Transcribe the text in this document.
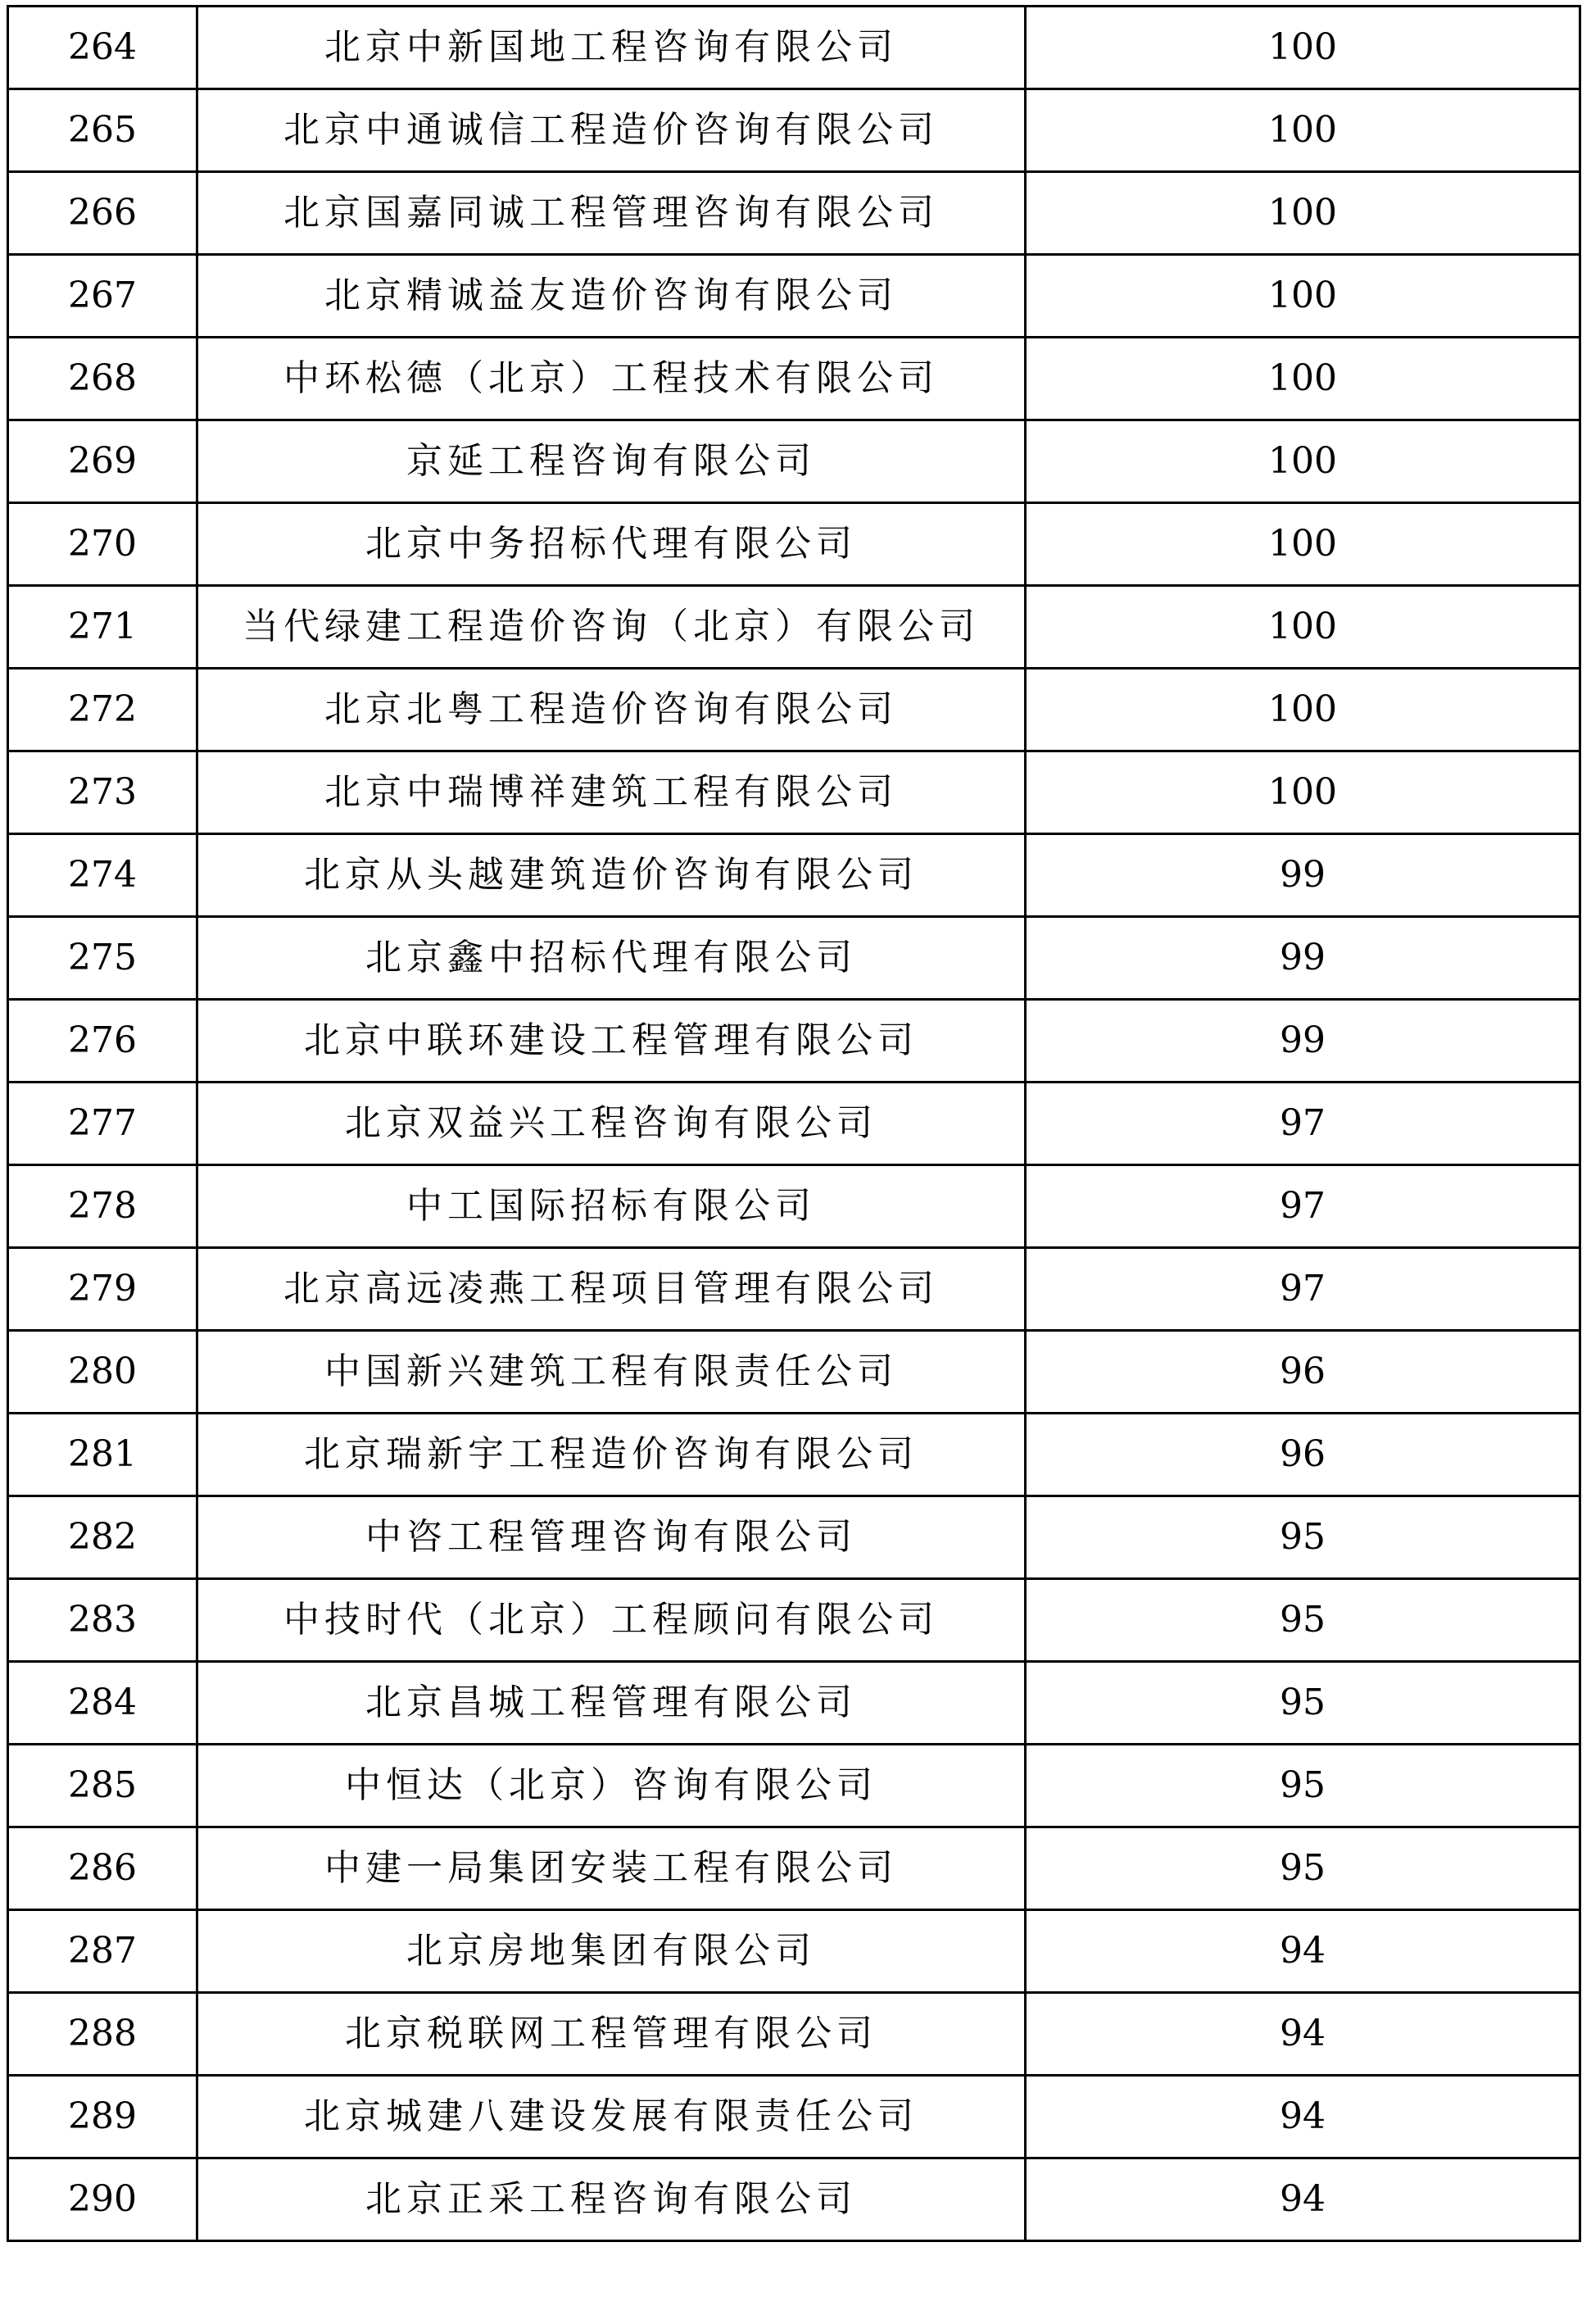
264	北京中新国地工程咨询有限公司	100
265	北京中通诚信工程造价咨询有限公司	100
266	北京国嘉同诚工程管理咨询有限公司	100
267	北京精诚益友造价咨询有限公司	100
268	中环松德（北京）工程技术有限公司	100
269	京延工程咨询有限公司	100
270	北京中务招标代理有限公司	100
271	当代绿建工程造价咨询（北京）有限公司	100
272	北京北粤工程造价咨询有限公司	100
273	北京中瑞博祥建筑工程有限公司	100
274	北京从头越建筑造价咨询有限公司	99
275	北京鑫中招标代理有限公司	99
276	北京中联环建设工程管理有限公司	99
277	北京双益兴工程咨询有限公司	97
278	中工国际招标有限公司	97
279	北京高远凌燕工程项目管理有限公司	97
280	中国新兴建筑工程有限责任公司	96
281	北京瑞新宇工程造价咨询有限公司	96
282	中咨工程管理咨询有限公司	95
283	中技时代（北京）工程顾问有限公司	95
284	北京昌城工程管理有限公司	95
285	中恒达（北京）咨询有限公司	95
286	中建一局集团安装工程有限公司	95
287	北京房地集团有限公司	94
288	北京税联网工程管理有限公司	94
289	北京城建八建设发展有限责任公司	94
290	北京正采工程咨询有限公司	94
